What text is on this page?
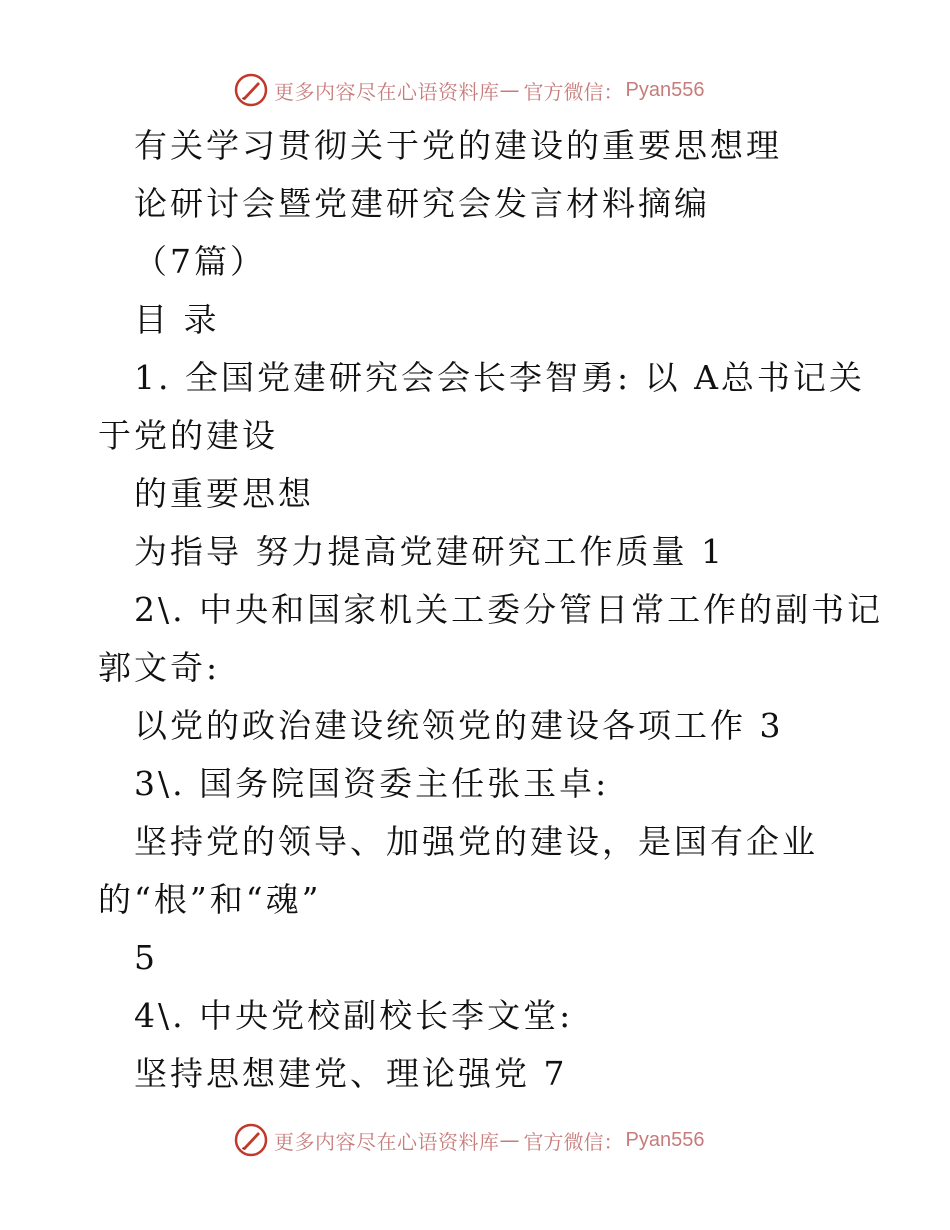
更多内容尽在心语资料库 — 官方微信： Pyan556
有关学习贯彻关于党的建设的重要思想理
论研讨会暨党建研究会发言材料摘编
（7篇）
目 录
1. 全国党建研究会会长李智勇: 以 A总书记关
于党的建设
的重要思想
为指导 努力提高党建研究工作质量 1
2\. 中央和国家机关工委分管日常工作的副书记
郭文奇:
以党的政治建设统领党的建设各项工作 3
3\. 国务院国资委主任张玉卓:
坚持党的领导、加强党的建设，是国有企业
的“根”和“魂”
5
4\. 中央党校副校长李文堂:
坚持思想建党、理论强党 7
更多内容尽在心语资料库 — 官方微信： Pyan556
